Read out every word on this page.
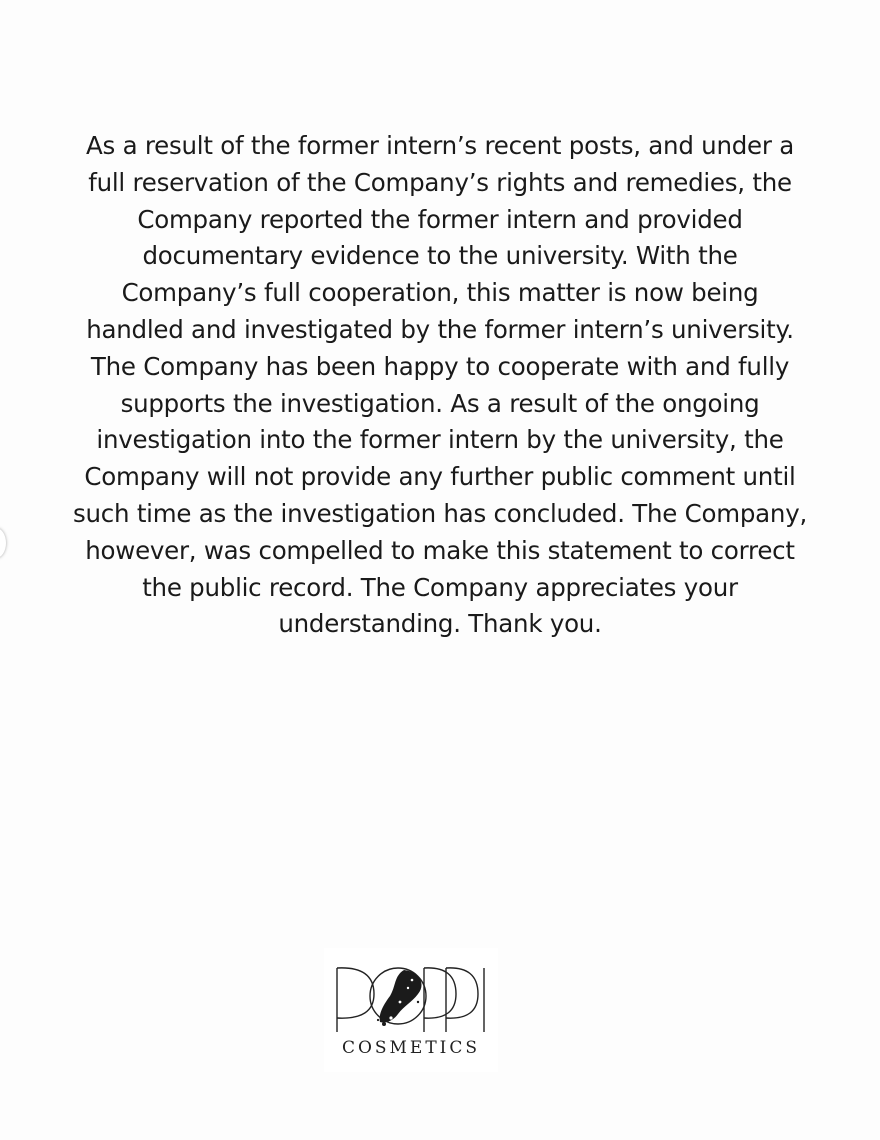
As a result of the former intern’s recent posts, and under a
full reservation of the Company’s rights and remedies, the
Company reported the former intern and provided
documentary evidence to the university. With the
Company’s full cooperation, this matter is now being
handled and investigated by the former intern’s university.
The Company has been happy to cooperate with and fully
supports the investigation. As a result of the ongoing
investigation into the former intern by the university, the
Company will not provide any further public comment until
such time as the investigation has concluded. The Company,
however, was compelled to make this statement to correct
the public record. The Company appreciates your
understanding. Thank you.
COSMETICS
